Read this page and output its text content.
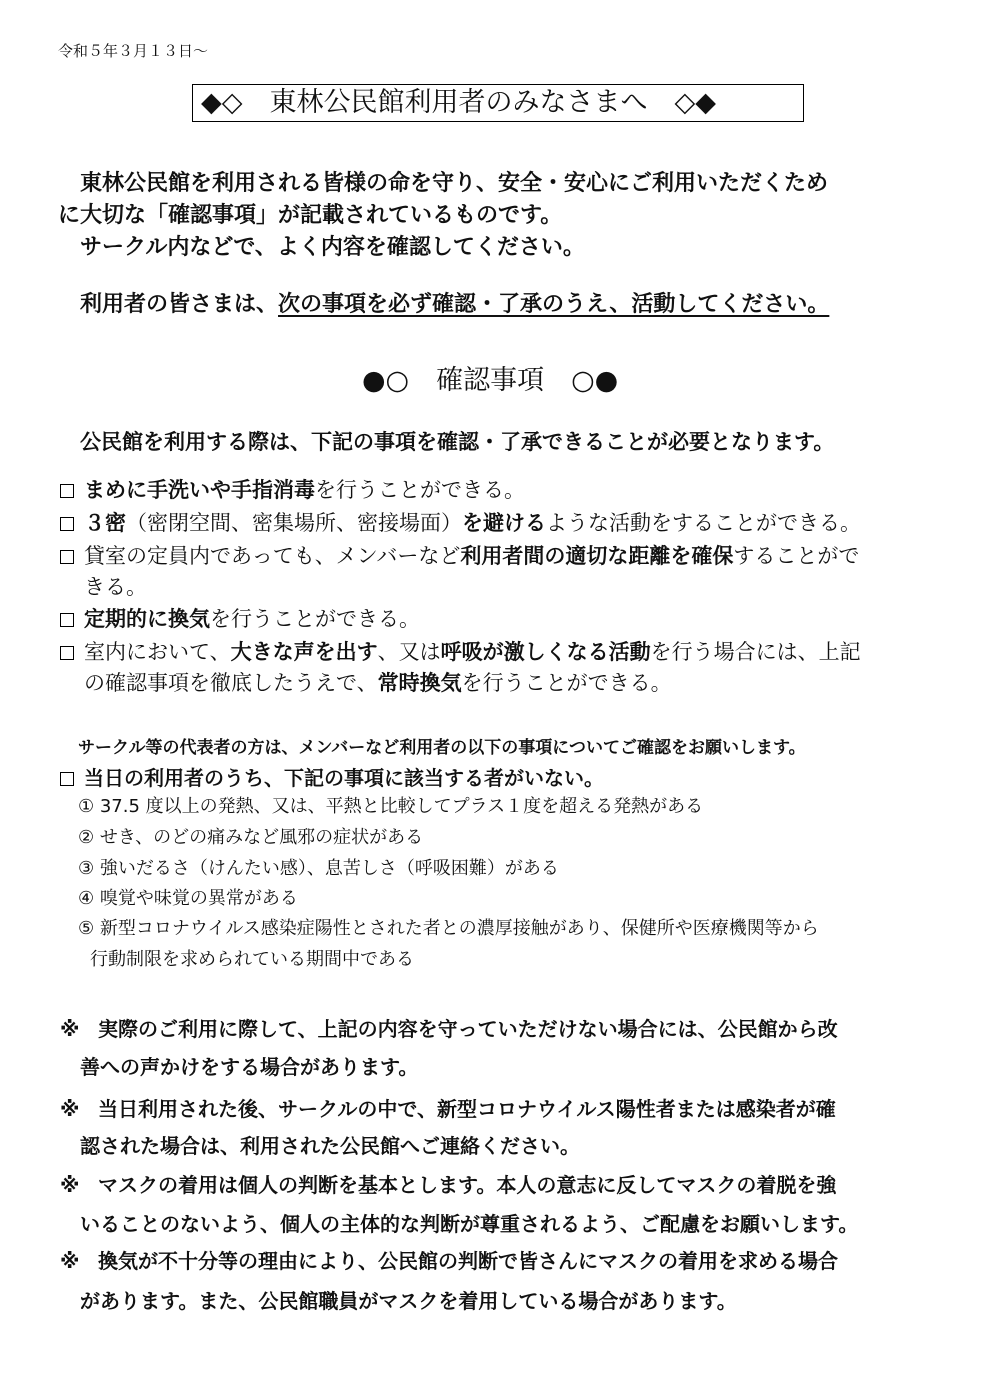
令和５年３月１３日～
◆◇　東林公民館利用者のみなさまへ　◇◆
東林公民館を利用される皆様の命を守り、安全・安心にご利用いただくため
に大切な「確認事項」が記載されているものです。
サークル内などで、よく内容を確認してください。
利用者の皆さまは、次の事項を必ず確認・了承のうえ、活動してください。
●○　確認事項　○●
公民館を利用する際は、下記の事項を確認・了承できることが必要となります。
まめに手洗いや手指消毒を行うことができる。
３密（密閉空間、密集場所、密接場面）を避けるような活動をすることができる。
貸室の定員内であっても、メンバーなど利用者間の適切な距離を確保することがで
きる。
定期的に換気を行うことができる。
室内において、大きな声を出す、又は呼吸が激しくなる活動を行う場合には、上記
の確認事項を徹底したうえで、常時換気を行うことができる。
サークル等の代表者の方は、メンバーなど利用者の以下の事項についてご確認をお願いします。
当日の利用者のうち、下記の事項に該当する者がいない。
① 37.5 度以上の発熱、又は、平熱と比較してプラス１度を超える発熱がある
② せき、のどの痛みなど風邪の症状がある
③ 強いだるさ（けんたい感）、息苦しさ（呼吸困難）がある
④ 嗅覚や味覚の異常がある
⑤ 新型コロナウイルス感染症陽性とされた者との濃厚接触があり、保健所や医療機関等から
行動制限を求められている期間中である
※ 実際のご利用に際して、上記の内容を守っていただけない場合には、公民館から改
善への声かけをする場合があります。
※ 当日利用された後、サークルの中で、新型コロナウイルス陽性者または感染者が確
認された場合は、利用された公民館へご連絡ください。
※ マスクの着用は個人の判断を基本とします。本人の意志に反してマスクの着脱を強
いることのないよう、個人の主体的な判断が尊重されるよう、ご配慮をお願いします。
※ 換気が不十分等の理由により、公民館の判断で皆さんにマスクの着用を求める場合
があります。また、公民館職員がマスクを着用している場合があります。
